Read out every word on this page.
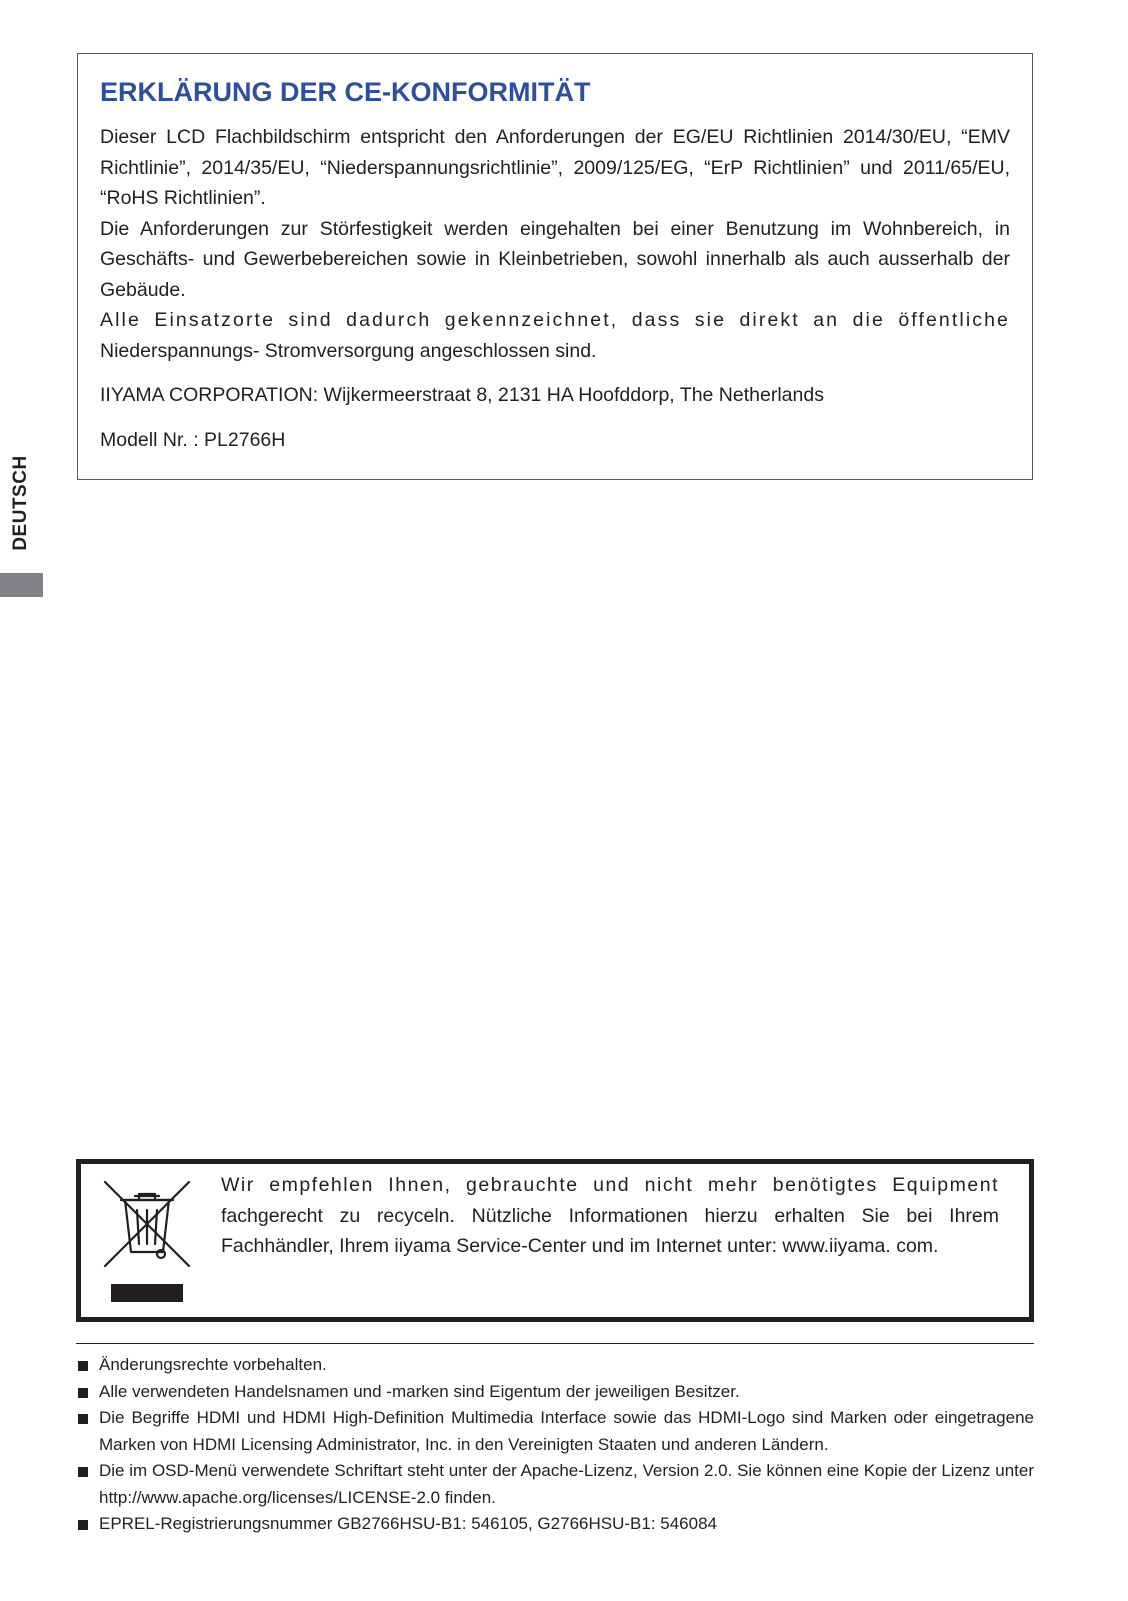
DEUTSCH
ERKLÄRUNG DER CE-KONFORMITÄT

Dieser LCD Flachbildschirm entspricht den Anforderungen der EG/EU Richtlinien 2014/30/EU, “EMV Richtlinie”, 2014/35/EU, “Niederspannungsrichtlinie”, 2009/125/EG, “ErP Richtlinien” und 2011/65/EU, “RoHS Richtlinien”.

Die Anforderungen zur Störfestigkeit werden eingehalten bei einer Benutzung im Wohnbereich, in Geschäfts- und Gewerbebereichen sowie in Kleinbetrieben, sowohl innerhalb als auch ausserhalb der Gebäude.

Alle Einsatzorte sind dadurch gekennzeichnet, dass sie direkt an die öffentliche Niederspannungs- Stromversorgung angeschlossen sind.

IIYAMA CORPORATION: Wijkermeerstraat 8, 2131 HA Hoofddorp, The Netherlands

Modell Nr. : PL2766H

Wir empfehlen Ihnen, gebrauchte und nicht mehr benötigtes Equipment fachgerecht zu recyceln. Nützliche Informationen hierzu erhalten Sie bei Ihrem Fachhändler, Ihrem iiyama Service-Center und im Internet unter: www.iiyama. com.

Änderungsrechte vorbehalten.
Alle verwendeten Handelsnamen und -marken sind Eigentum der jeweiligen Besitzer.
Die Begriffe HDMI und HDMI High-Definition Multimedia Interface sowie das HDMI-Logo sind Marken oder eingetragene Marken von HDMI Licensing Administrator, Inc. in den Vereinigten Staaten und anderen Ländern.
Die im OSD-Menü verwendete Schriftart steht unter der Apache-Lizenz, Version 2.0. Sie können eine Kopie der Lizenz unter http://www.apache.org/licenses/LICENSE-2.0 finden.
EPREL-Registrierungsnummer GB2766HSU-B1: 546105, G2766HSU-B1: 546084
